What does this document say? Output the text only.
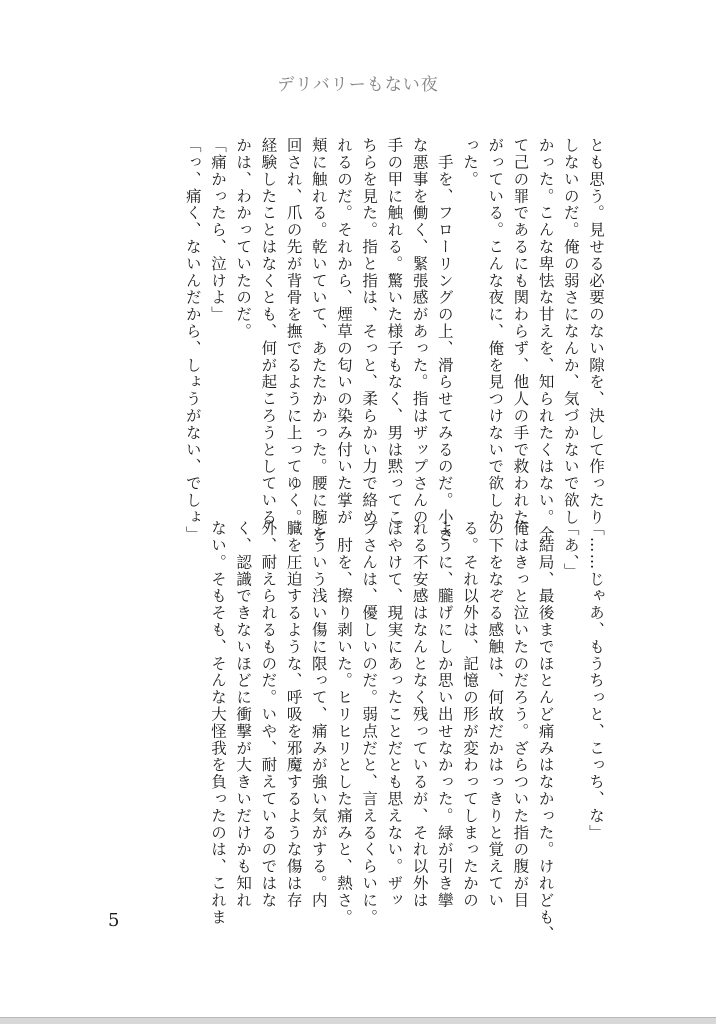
デリバリーもない夜
とも思う。見せる必要のない隙を、決して作ったり
しないのだ。俺の弱さになんか、気づかないで欲し
かった。こんな卑怯な甘えを、知られたくはない。全
て己の罪であるにも関わらず、他人の手で救われた
がっている。こんな夜に、俺を見つけないで欲しか
った。
　手を、フローリングの上、滑らせてみるのだ。小さ
な悪事を働く、緊張感があった。指はザップさんの
手の甲に触れる。驚いた様子もなく、男は黙ってこ
ちらを見た。指と指は、そっと、柔らかい力で絡め
れるのだ。それから、煙草の匂いの染み付いた掌が
頬に触れる。乾いていて、あたたかかった。腰に腕を
回され、爪の先が背骨を撫でるように上ってゆく。
経験したことはなくとも、何が起ころうとしている
かは、わかっていたのだ。
「痛かったら、泣けよ」
「っ、痛く、ないんだから、しょうがない、でしょ」
「……じゃあ、もうちっと、こっち、な」
「あ、」
　結局、最後までほとんど痛みはなかった。けれども、
俺はきっと泣いたのだろう。ざらついた指の腹が目
の下をなぞる感触は、何故だかはっきりと覚えてい
る。それ以外は、記憶の形が変わってしまったかの
ように、朧げにしか思い出せなかった。緑が引き攣
れる不安感はなんとなく残っているが、それ以外は
ぼやけて、現実にあったことだとも思えない。ザッ
プさんは、優しいのだ。弱点だと、言えるくらいに。
　肘を、擦り剥いた。ヒリヒリとした痛みと、熱さ。
こういう浅い傷に限って、痛みが強い気がする。内
臓を圧迫するような、呼吸を邪魔するような傷は存
外、耐えられるものだ。いや、耐えているのではな
く、認識できないほどに衝撃が大きいだけかも知れ
ない。そもそも、そんな大怪我を負ったのは、これま
5
